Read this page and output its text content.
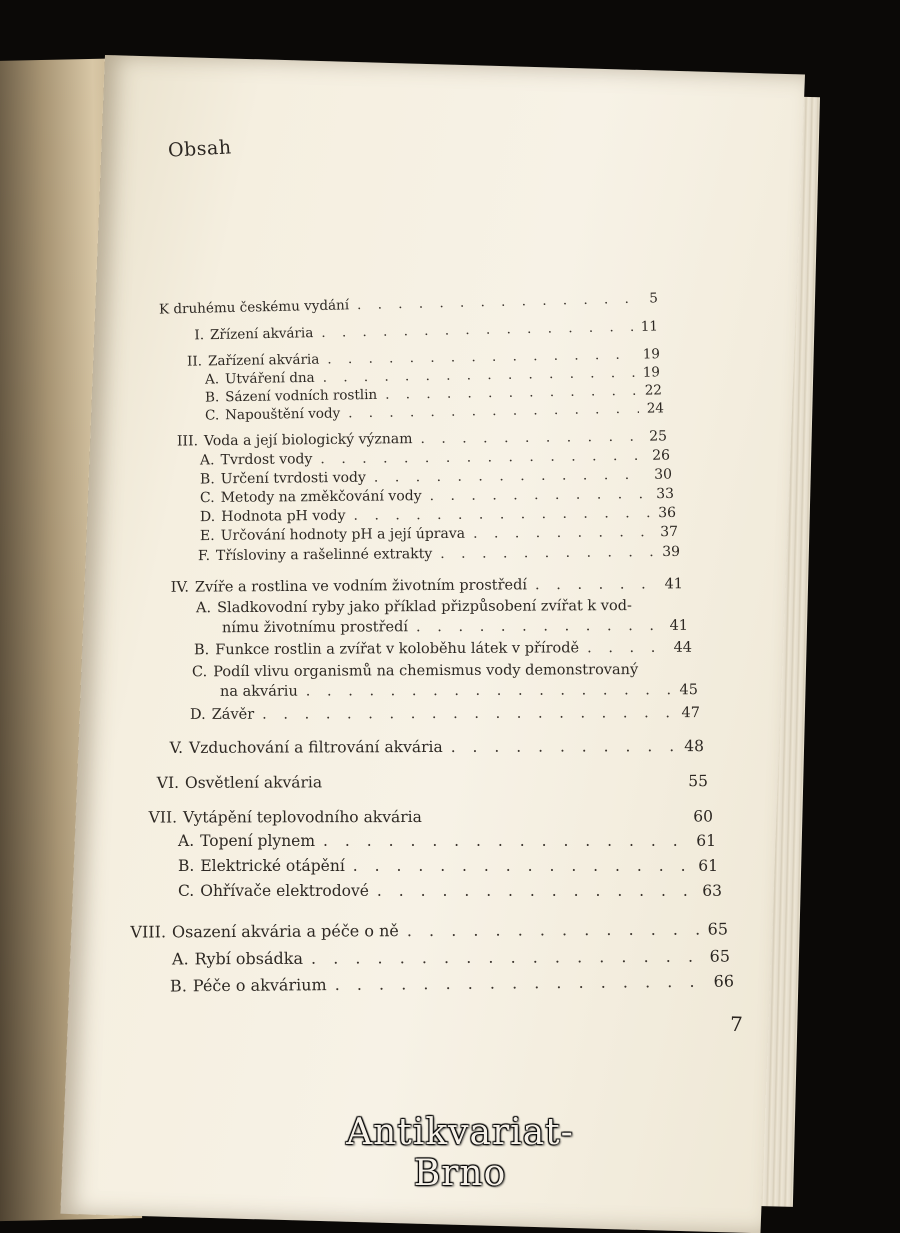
Obsah
K druhému českému vydání . . .	5
I. Zřízení akvária . . .	11
II. Zařízení akvária . . .	19
A. Utváření dna . . .	19
B. Sázení vodních rostlin . . .	22
C. Napouštění vody . . .	24
III. Voda a její biologický význam . . .	25
A. Tvrdost vody . . .	26
B. Určení tvrdosti vody . . .	30
C. Metody na změkčování vody . . .	33
D. Hodnota pH vody . . .	36
E. Určování hodnoty pH a její úprava . . .	37
F. Třísloviny a rašelinné extrakty . . .	39
IV. Zvíře a rostlina ve vodním životním prostředí . . .	41
A. Sladkovodní ryby jako příklad přizpůsobení zvířat k vod-
nímu životnímu prostředí . . .	41
B. Funkce rostlin a zvířat v koloběhu látek v přírodě . . .	44
C. Podíl vlivu organismů na chemismus vody demonstrovaný
na akváriu . . .	45
D. Závěr . . .	47
V. Vzduchování a filtrování akvária . . .	48
VI. Osvětlení akvária	55
VII. Vytápění teplovodního akvária	60
A. Topení plynem . . .	61
B. Elektrické otápění . . .	61
C. Ohřívače elektrodové . . .	63
VIII. Osazení akvária a péče o ně . . .	65
A. Rybí obsádka . . .	65
B. Péče o akvárium . . .	66
7
Antikvariat-Brno
